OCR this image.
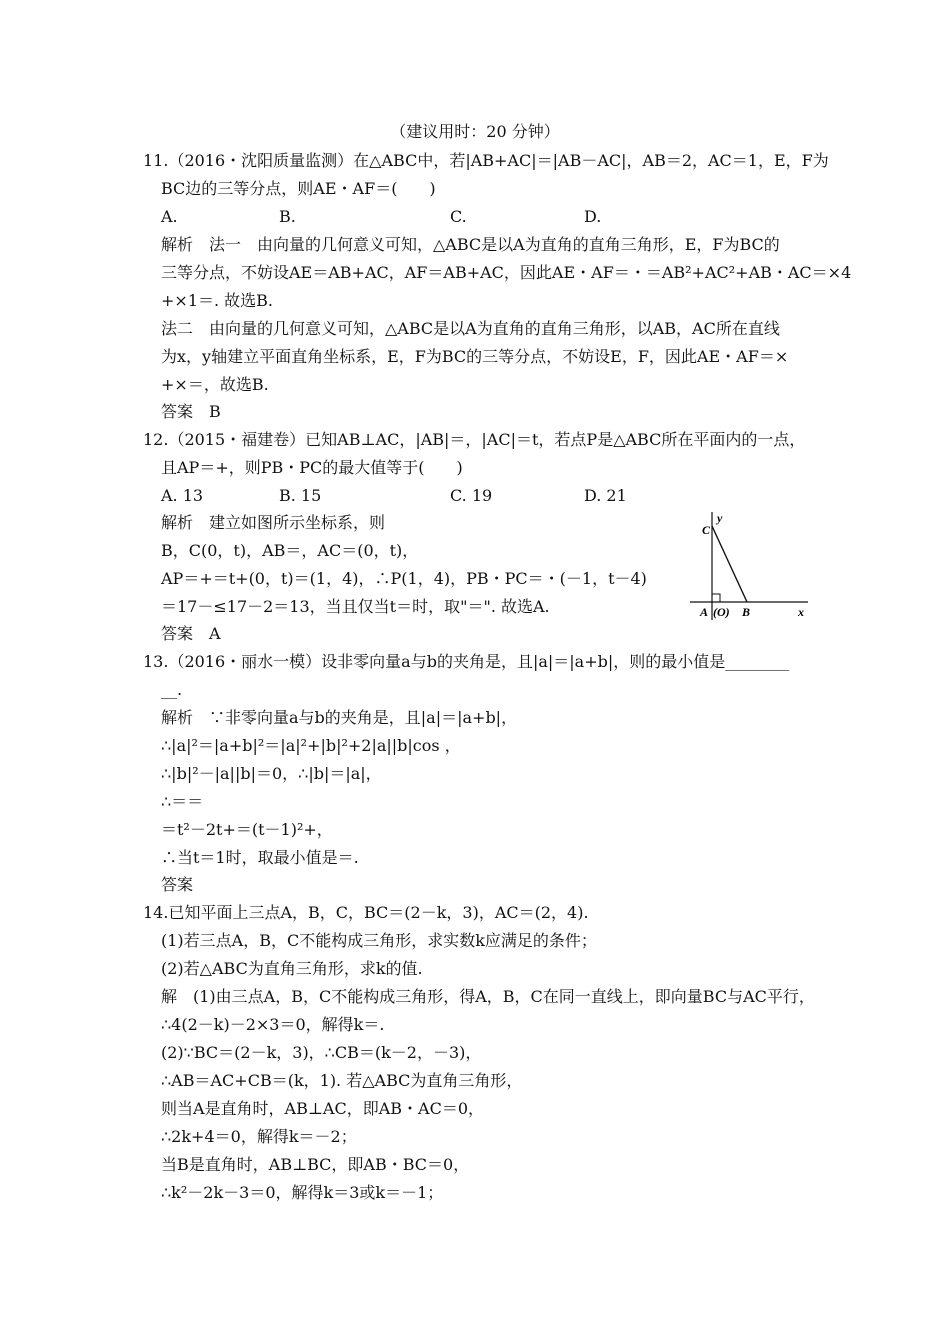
（建议用时：20 分钟）
11.（2016・沈阳质量监测）在△ABC中，若|AB+AC|＝|AB－AC|，AB＝2，AC＝1，E，F为
BC边的三等分点，则AE・AF＝(　　)
A.	B.	C.	D.
解析　法一　由向量的几何意义可知，△ABC是以A为直角的直角三角形，E，F为BC的
三等分点，不妨设AE＝AB+AC，AF＝AB+AC，因此AE・AF＝・＝AB²+AC²+AB・AC＝×4
+×1＝. 故选B.
法二　由向量的几何意义可知，△ABC是以A为直角的直角三角形，以AB，AC所在直线
为x，y轴建立平面直角坐标系，E，F为BC的三等分点，不妨设E，F，因此AE・AF＝×
+×＝，故选B.
答案　B
12.（2015・福建卷）已知AB⊥AC，|AB|＝，|AC|＝t，若点P是△ABC所在平面内的一点，
且AP＝+，则PB・PC的最大值等于(　　)
A. 13	B. 15	C. 19	D. 21
解析　建立如图所示坐标系，则
B，C(0，t)，AB＝，AC＝(0，t)，
AP＝+＝t+(0，t)＝(1，4)，∴P(1，4)，PB・PC＝・(－1，t－4)
＝17－≤17－2＝13，当且仅当t＝时，取"＝". 故选A.
答案　A
C
y
A (O) B	x
13.（2016・丽水一模）设非零向量a与b的夹角是，且|a|＝|a+b|，则的最小值是________
__.
解析　∵非零向量a与b的夹角是，且|a|＝|a+b|，
∴|a|²＝|a+b|²＝|a|²+|b|²+2|a||b|cos ，
∴|b|²－|a||b|＝0，∴|b|＝|a|，
∴＝＝
＝t²－2t+＝(t－1)²+，
∴当t＝1时，取最小值是＝.
答案
14.已知平面上三点A，B，C，BC＝(2－k，3)，AC＝(2，4).
(1)若三点A，B，C不能构成三角形，求实数k应满足的条件；
(2)若△ABC为直角三角形，求k的值.
解　(1)由三点A，B，C不能构成三角形，得A，B，C在同一直线上，即向量BC与AC平行，
∴4(2－k)－2×3＝0，解得k＝.
(2)∵BC＝(2－k，3)，∴CB＝(k－2，－3)，
∴AB＝AC+CB＝(k，1). 若△ABC为直角三角形，
则当A是直角时，AB⊥AC，即AB・AC＝0，
∴2k+4＝0，解得k＝－2；
当B是直角时，AB⊥BC，即AB・BC＝0，
∴k²－2k－3＝0，解得k＝3或k＝－1；
